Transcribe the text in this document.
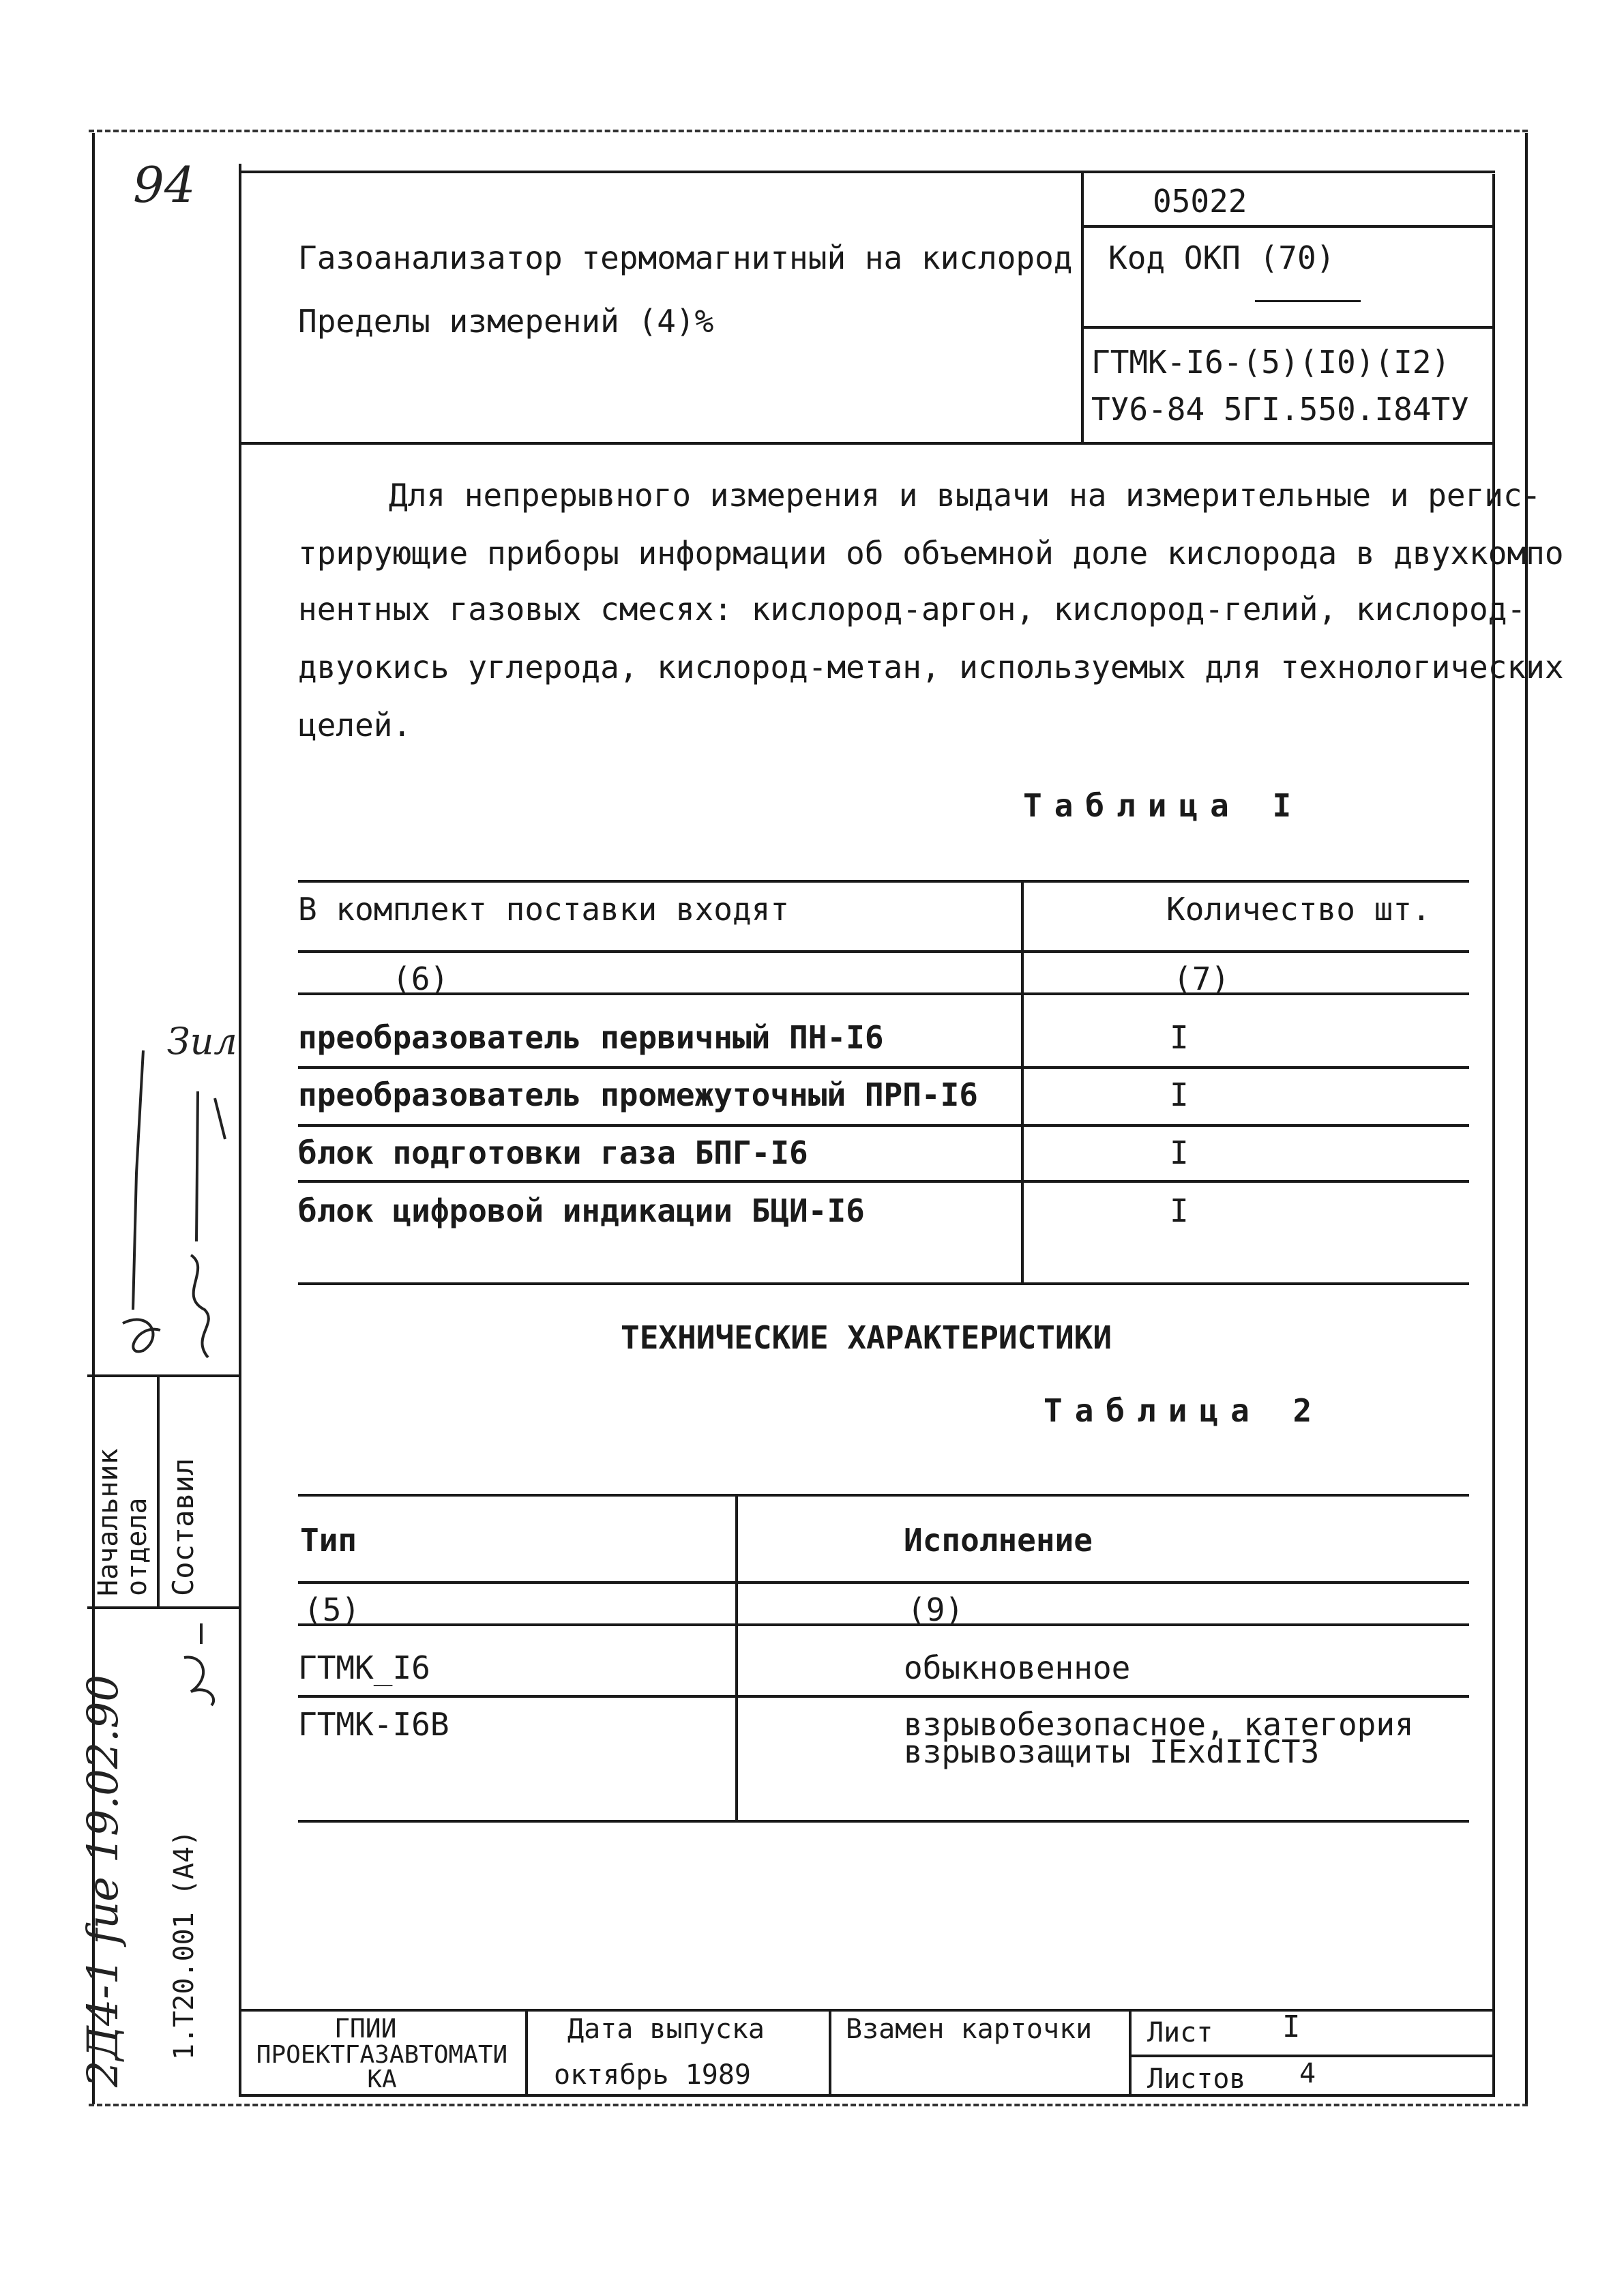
94	05022
Код ОКП (70)
Газоанализатор термомагнитный на кислород
Пределы измерений (4)%
ГТМК-I6-(5)(I0)(I2)
ТУ6-84 5ГI.550.I84ТУ
Для непрерывного измерения и выдачи на измерительные и регис-
трирующие приборы информации об объемной доле кислорода в двухкомпо
нентных газовых смесях: кислород-аргон, кислород-гелий, кислород-
двуокись углерода, кислород-метан, используемых для технологических
целей.
Таблица I
В комплект поставки входят	Количество шт.
(6)	(7)
преобразователь первичный ПН-I6	I
преобразователь промежуточный ПРП-I6	I
блок подготовки газа БПГ-I6	I
блок цифровой индикации БЦИ-I6	I
ТЕХНИЧЕСКИЕ ХАРАКТЕРИСТИКИ
Таблица 2
Тип	Исполнение
(5)	(9)
ГТМК_I6	обыкновенное
ГТМК-I6В	взрывобезопасное, категория
взрывозащиты IExdIIСТ3
ГПИИ
ПРОЕКТГАЗАВТОМАТИКА
Дата выпуска
октябрь 1989
Взамен карточки Лист I
Листов 4
Начальник отдела Составил
Зил
2Д4-1 fue 19.02.90 1.Т20.001 (А4)
